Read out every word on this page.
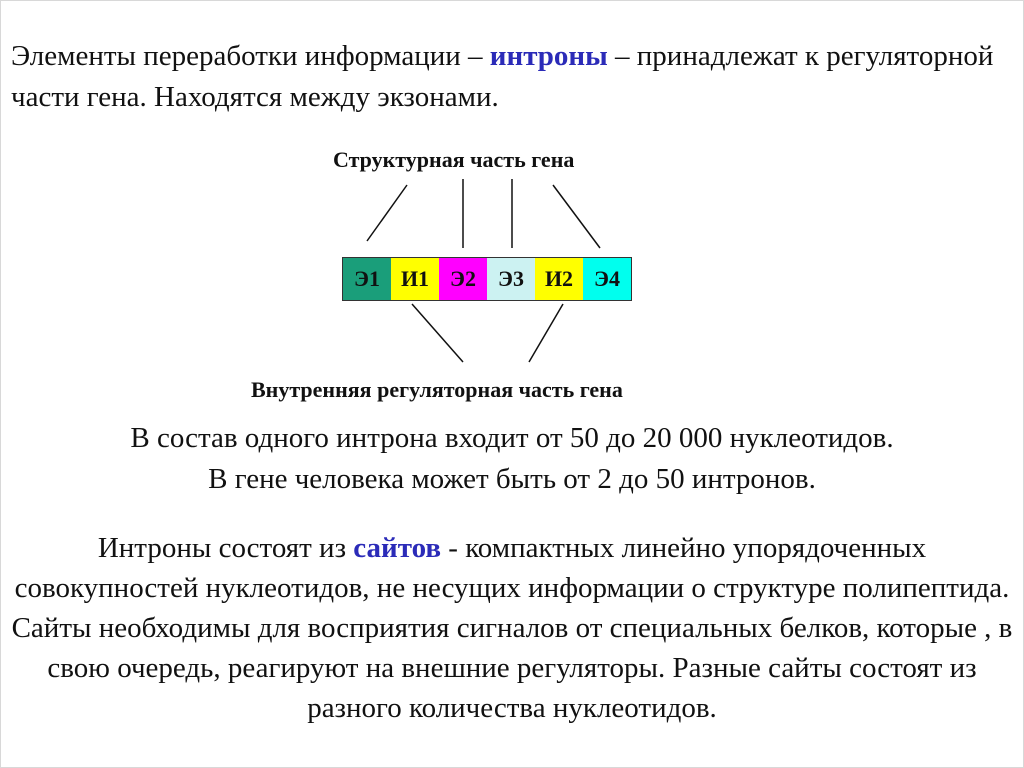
Элементы переработки информации – интроны – принадлежат к регуляторной части гена. Находятся между экзонами.

Структурная часть гена
Э1 И1 Э2 Э3 И2 Э4
Внутренняя регуляторная часть гена

В состав одного интрона входит от 50 до 20 000 нуклеотидов.

В гене человека может быть от 2 до 50 интронов.

Интроны состоят из сайтов - компактных линейно упорядоченных совокупностей нуклеотидов, не несущих информации о структуре полипептида. Сайты необходимы для восприятия сигналов от специальных белков, которые , в свою очередь, реагируют на внешние регуляторы. Разные сайты состоят из разного количества нуклеотидов.
